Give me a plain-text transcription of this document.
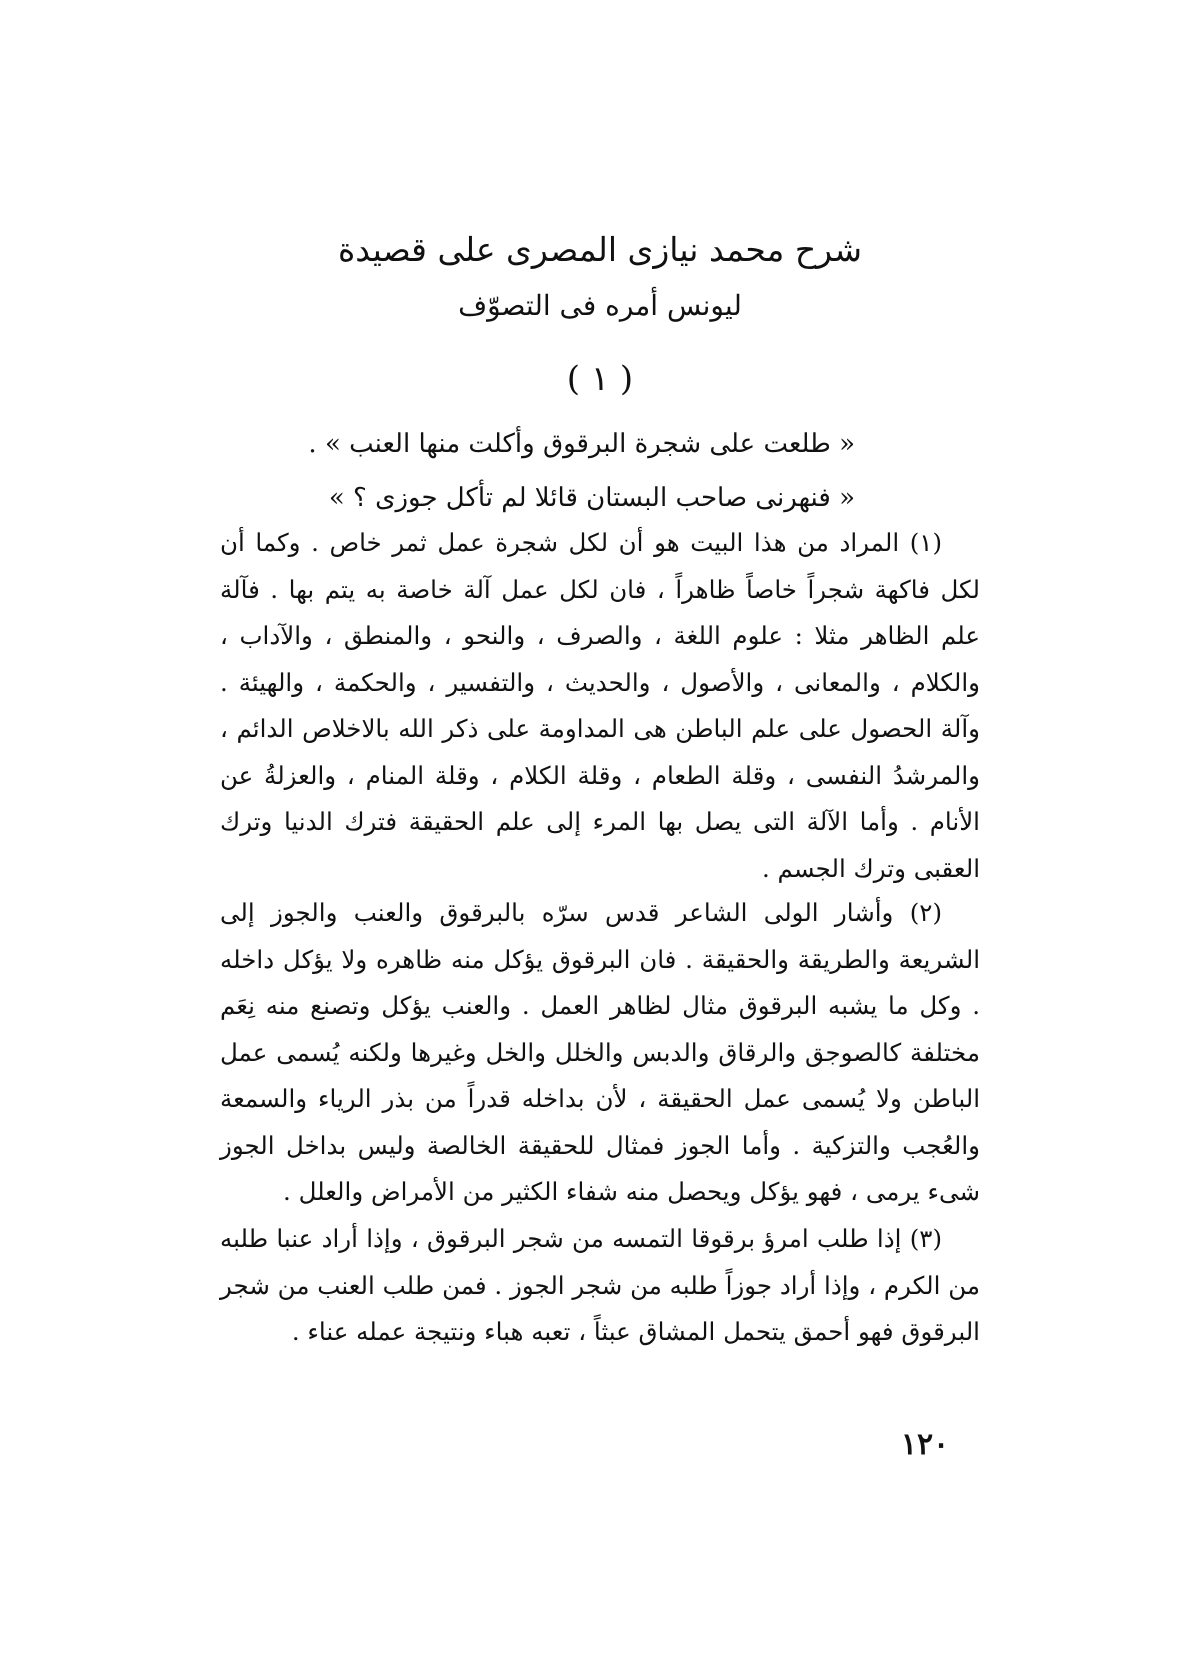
شرح محمد نيازى المصرى على قصيدة
ليونس أمره فى التصوّف
( ١ )
« طلعت على شجرة البرقوق وأكلت منها العنب » .
« فنهرنى صاحب البستان قائلا لم تأكل جوزى ؟ »

(١) المراد من هذا البيت هو أن لكل شجرة عمل ثمر خاص . وكما أن لكل فاكهة شجراً خاصاً ظاهراً ، فان لكل عمل آلة خاصة به يتم بها . فآلة علم الظاهر مثلا : علوم اللغة ، والصرف ، والنحو ، والمنطق ، والآداب ، والكلام ، والمعانى ، والأصول ، والحديث ، والتفسير ، والحكمة ، والهيئة . وآلة الحصول على علم الباطن هى المداومة على ذكر الله بالاخلاص الدائم ، والمرشدُ النفسى ، وقلة الطعام ، وقلة الكلام ، وقلة المنام ، والعزلةُ عن الأنام . وأما الآلة التى يصل بها المرء إلى علم الحقيقة فترك الدنيا وترك العقبى وترك الجسم .

(٢) وأشار الولى الشاعر قدس سرّه بالبرقوق والعنب والجوز إلى الشريعة والطريقة والحقيقة . فان البرقوق يؤكل منه ظاهره ولا يؤكل داخله . وكل ما يشبه البرقوق مثال لظاهر العمل . والعنب يؤكل وتصنع منه نِعَم مختلفة كالصوجق والرقاق والدبس والخلل والخل وغيرها ولكنه يُسمى عمل الباطن ولا يُسمى عمل الحقيقة ، لأن بداخله قدراً من بذر الرياء والسمعة والعُجب والتزكية . وأما الجوز فمثال للحقيقة الخالصة وليس بداخل الجوز شىء يرمى ، فهو يؤكل ويحصل منه شفاء الكثير من الأمراض والعلل .

(٣) إذا طلب امرؤ برقوقا التمسه من شجر البرقوق ، وإذا أراد عنبا طلبه من الكرم ، وإذا أراد جوزاً طلبه من شجر الجوز . فمن طلب العنب من شجر البرقوق فهو أحمق يتحمل المشاق عبثاً ، تعبه هباء ونتيجة عمله عناء .

١٢٠
